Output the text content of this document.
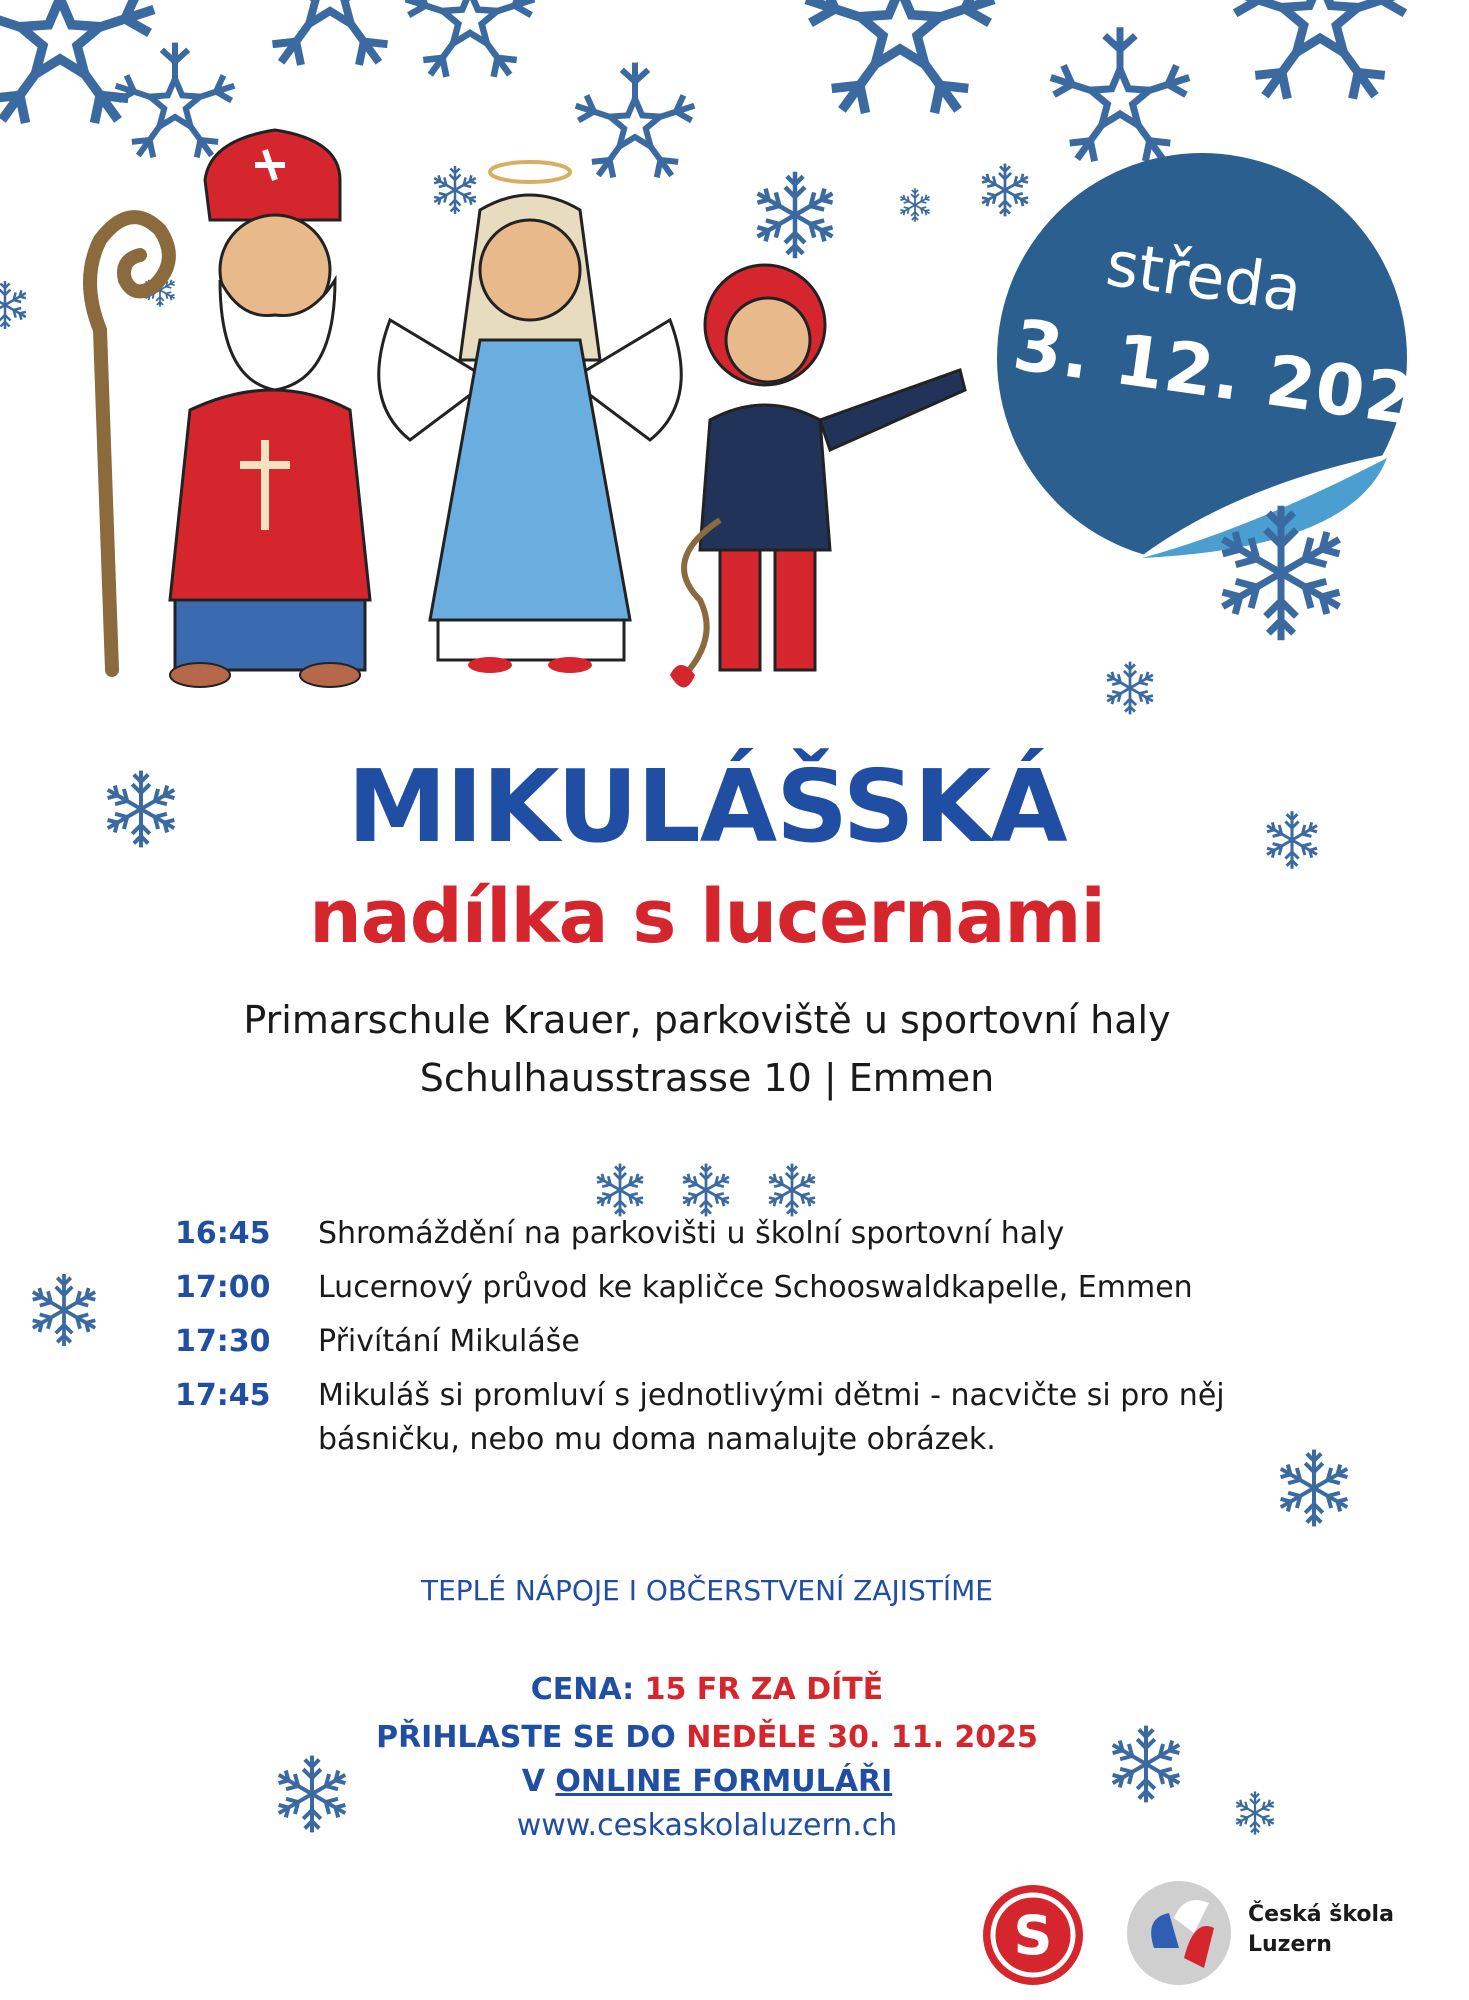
středa
3. 12. 2025
MIKULÁŠSKÁ
nadílka s lucernami
Primarschule Krauer, parkoviště u sportovní haly
Schulhausstrasse 10 | Emmen
16:45	Shromáždění na parkovišti u školní sportovní haly
17:00	Lucernový průvod ke kapličce Schooswaldkapelle, Emmen
17:30	Přivítání Mikuláše
17:45	Mikuláš si promluví s jednotlivými dětmi - nacvičte si pro něj básničku, nebo mu doma namalujte obrázek.
TEPLÉ NÁPOJE I OBČERSTVENÍ ZAJISTÍME
CENA: 15 FR ZA DÍTĚ
PŘIHLASTE SE DO NEDĚLE 30. 11. 2025
V ONLINE FORMULÁŘI
www.ceskaskolaluzern.ch
S	Česká škola
Luzern
